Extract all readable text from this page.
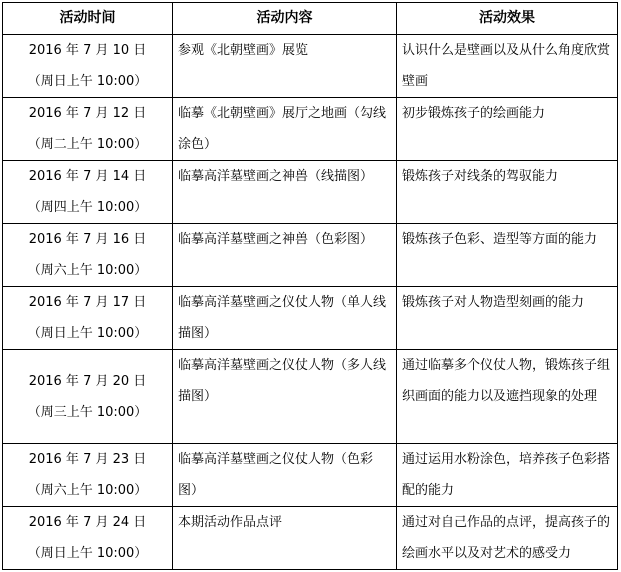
活动时间	活动内容	活动效果

2016 年 7 月 10 日
（周日上午 10:00）	参观《北朝壁画》展览	认识什么是壁画以及从什么角度欣赏壁画

2016 年 7 月 12 日
（周二上午 10:00）	临摹《北朝壁画》展厅之地画（勾线涂色）	初步锻炼孩子的绘画能力

2016 年 7 月 14 日
（周四上午 10:00）	临摹高洋墓壁画之神兽（线描图）	锻炼孩子对线条的驾驭能力

2016 年 7 月 16 日
（周六上午 10:00）	临摹高洋墓壁画之神兽（色彩图）	锻炼孩子色彩、造型等方面的能力

2016 年 7 月 17 日
（周日上午 10:00）	临摹高洋墓壁画之仪仗人物（单人线描图）	锻炼孩子对人物造型刻画的能力

2016 年 7 月 20 日
（周三上午 10:00）	临摹高洋墓壁画之仪仗人物（多人线描图）	通过临摹多个仪仗人物，锻炼孩子组织画面的能力以及遮挡现象的处理

2016 年 7 月 23 日
（周六上午 10:00）	临摹高洋墓壁画之仪仗人物（色彩图）	通过运用水粉涂色，培养孩子色彩搭配的能力

2016 年 7 月 24 日
（周日上午 10:00）	本期活动作品点评	通过对自己作品的点评，提高孩子的绘画水平以及对艺术的感受力
